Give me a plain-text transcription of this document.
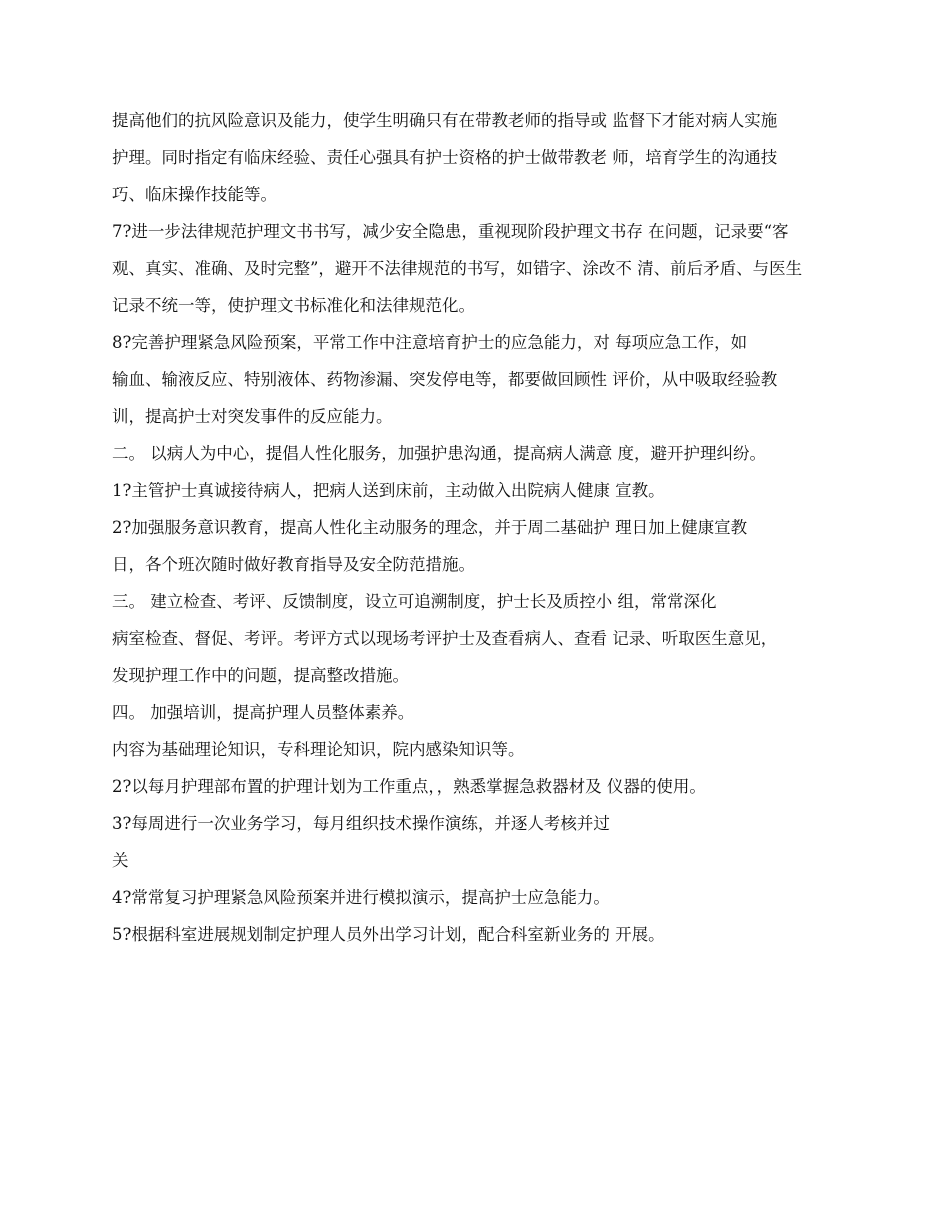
提高他们的抗风险意识及能力，使学生明确只有在带教老师的指导或 监督下才能对病人实施

护理。同时指定有临床经验、责任心强具有护士资格的护士做带教老 师，培育学生的沟通技

巧、临床操作技能等。

7?进一步法律规范护理文书书写，减少安全隐患，重视现阶段护理文书存 在问题，记录要“客

观、真实、准确、及时完整”，避开不法律规范的书写，如错字、涂改不 清、前后矛盾、与医生

记录不统一等，使护理文书标准化和法律规范化。

8?完善护理紧急风险预案，平常工作中注意培育护士的应急能力，对 每项应急工作，如

输血、输液反应、特别液体、药物渗漏、突发停电等，都要做回顾性 评价，从中吸取经验教

训，提高护士对突发事件的反应能力。

二。 以病人为中心，提倡人性化服务，加强护患沟通，提高病人满意 度，避开护理纠纷。

1?主管护士真诚接待病人，把病人送到床前，主动做入出院病人健康 宣教。

2?加强服务意识教育，提高人性化主动服务的理念，并于周二基础护 理日加上健康宣教

日，各个班次随时做好教育指导及安全防范措施。

三。 建立检查、考评、反馈制度，设立可追溯制度，护士长及质控小 组，常常深化

病室检查、督促、考评。考评方式以现场考评护士及查看病人、查看 记录、听取医生意见，

发现护理工作中的问题，提高整改措施。

四。 加强培训，提高护理人员整体素养。

内容为基础理论知识，专科理论知识，院内感染知识等。

2?以每月护理部布置的护理计划为工作重点，，熟悉掌握急救器材及 仪器的使用。

3?每周进行一次业务学习，每月组织技术操作演练，并逐人考核并过

关

4?常常复习护理紧急风险预案并进行模拟演示，提高护士应急能力。

5?根据科室进展规划制定护理人员外出学习计划，配合科室新业务的 开展。
